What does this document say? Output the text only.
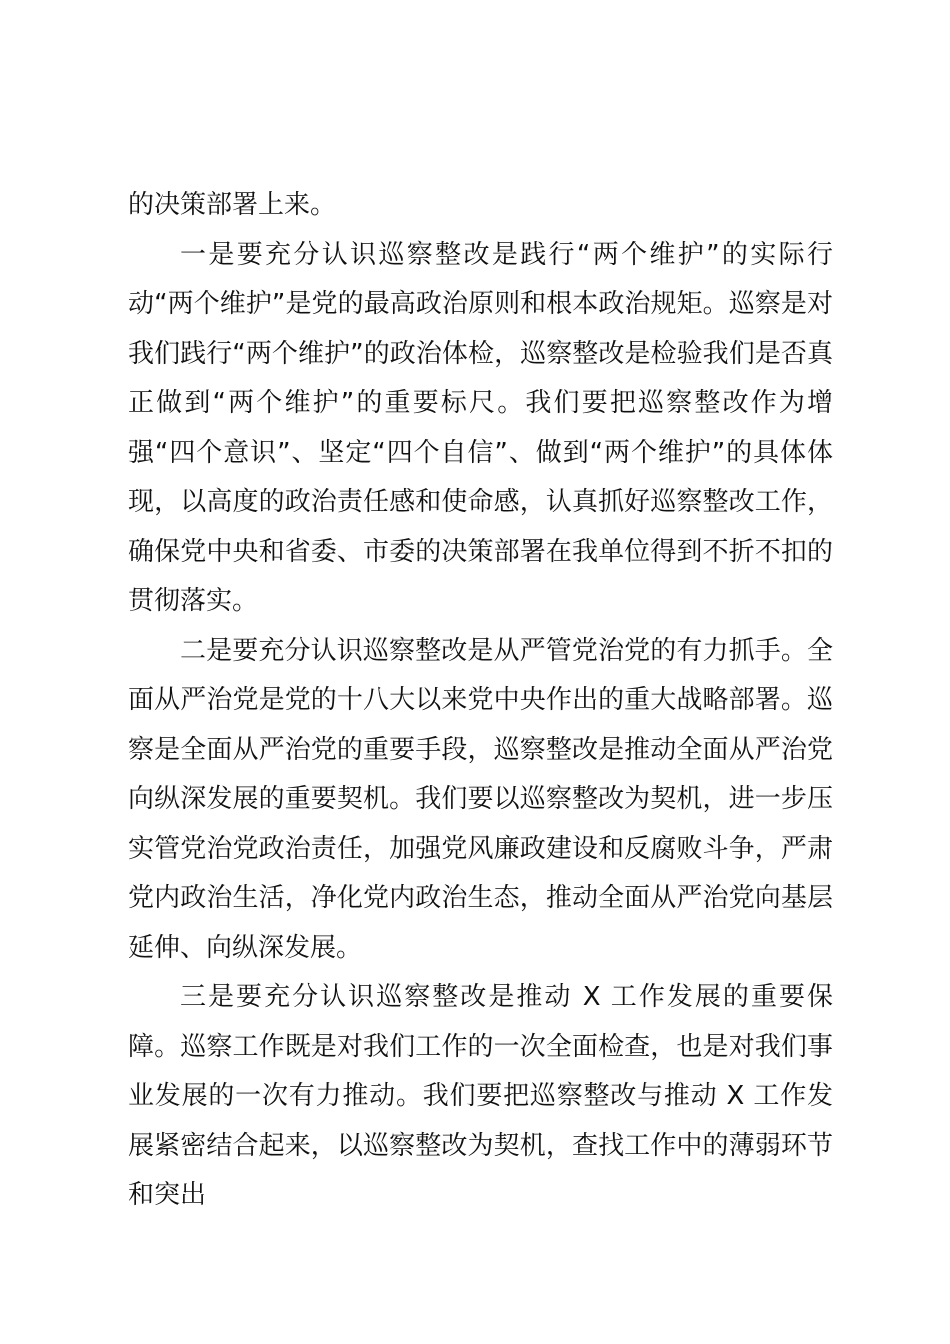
的决策部署上来。

一是要充分认识巡察整改是践行“两个维护”的实际行动“两个维护”是党的最高政治原则和根本政治规矩。巡察是对我们践行“两个维护”的政治体检，巡察整改是检验我们是否真正做到“两个维护”的重要标尺。我们要把巡察整改作为增强“四个意识”、坚定“四个自信”、做到“两个维护”的具体体现，以高度的政治责任感和使命感，认真抓好巡察整改工作，确保党中央和省委、市委的决策部署在我单位得到不折不扣的贯彻落实。

二是要充分认识巡察整改是从严管党治党的有力抓手。全面从严治党是党的十八大以来党中央作出的重大战略部署。巡察是全面从严治党的重要手段，巡察整改是推动全面从严治党向纵深发展的重要契机。我们要以巡察整改为契机，进一步压实管党治党政治责任，加强党风廉政建设和反腐败斗争，严肃党内政治生活，净化党内政治生态，推动全面从严治党向基层延伸、向纵深发展。

三是要充分认识巡察整改是推动 X 工作发展的重要保障。巡察工作既是对我们工作的一次全面检查，也是对我们事业发展的一次有力推动。我们要把巡察整改与推动 X 工作发展紧密结合起来，以巡察整改为契机，查找工作中的薄弱环节和突出
